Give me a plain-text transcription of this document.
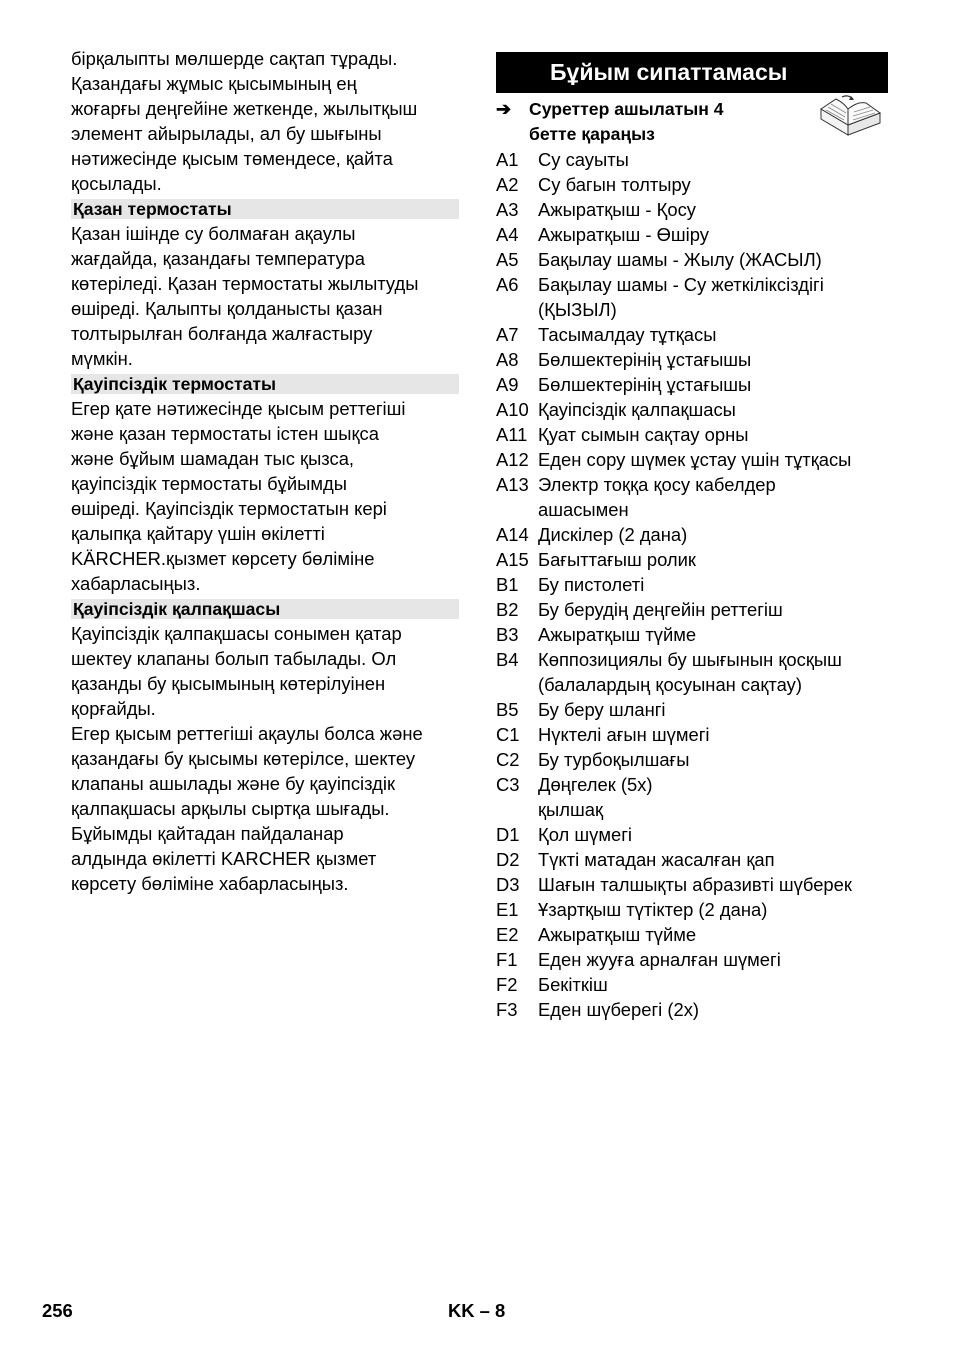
бірқалыпты мөлшерде сақтап тұрады.

Қазандағы жұмыс қысымының ең

жоғарғы деңгейіне жеткенде, жылытқыш

элемент айырылады, ал бу шығыны

нәтижесінде қысым төмендесе, қайта

қосылады.

Қазан термостаты

Қазан ішінде су болмаған ақаулы

жағдайда, қазандағы температура

көтеріледі. Қазан термостаты жылытуды

өшіреді. Қалыпты қолданысты қазан

толтырылған болғанда жалғастыру

мүмкін.

Қауіпсіздік термостаты

Егер қате нәтижесінде қысым реттегіші

және қазан термостаты істен шықса

және бұйым шамадан тыс қызса,

қауіпсіздік термостаты бұйымды

өшіреді. Қауіпсіздік термостатын кері

қалыпқа қайтару үшін өкілетті

KÄRCHER.қызмет көрсету бөліміне

хабарласыңыз.

Қауіпсіздік қалпақшасы

Қауіпсіздік қалпақшасы сонымен қатар

шектеу клапаны болып табылады. Ол

қазанды бу қысымының көтерілуінен

қорғайды.

Егер қысым реттегіші ақаулы болса және

қазандағы бу қысымы көтерілсе, шектеу

клапаны ашылады және бу қауіпсіздік

қалпақшасы арқылы сыртқа шығады.

Бұйымды қайтадан пайдаланар

алдында өкілетті KARCHER қызмет

көрсету бөліміне хабарласыңыз.

Бұйым сипаттамасы
➔ Суреттер ашылатын 4
бетте қараңыз
A1 Су сауыты
A2 Су багын толтыру
A3 Ажыратқыш - Қосу
A4 Ажыратқыш - Өшіру
A5 Бақылау шамы - Жылу (ЖАСЫЛ)
A6 Бақылау шамы - Су жеткіліксіздігі
(ҚЫЗЫЛ)
A7 Тасымалдау тұтқасы
A8 Бөлшектерінің ұстағышы
A9 Бөлшектерінің ұстағышы
A10 Қауіпсіздік қалпақшасы
A11 Қуат сымын сақтау орны
A12 Еден сору шүмек ұстау үшін тұтқасы
A13 Электр тоққа қосу кабелдер
ашасымен
A14 Дискілер (2 дана)
A15 Бағыттағыш ролик
B1 Бу пистолеті
B2 Бу берудің деңгейін реттегіш
B3 Ажыратқыш түйме
B4 Көппозициялы бу шығынын қосқыш
(балалардың қосуынан сақтау)
B5 Бу беру шлангі
C1 Нүктелі ағын шүмегі
C2 Бу турбоқылшағы
C3 Дөңгелек (5x)
қылшақ
D1 Қол шүмегі
D2 Түкті матадан жасалған қап
D3 Шағын талшықты абразивті шүберек
E1 Ұзартқыш түтіктер (2 дана)
E2 Ажыратқыш түйме
F1 Еден жууға арналған шүмегі
F2 Бекіткіш
F3 Еден шүберегі (2x)
256	KK – 8
